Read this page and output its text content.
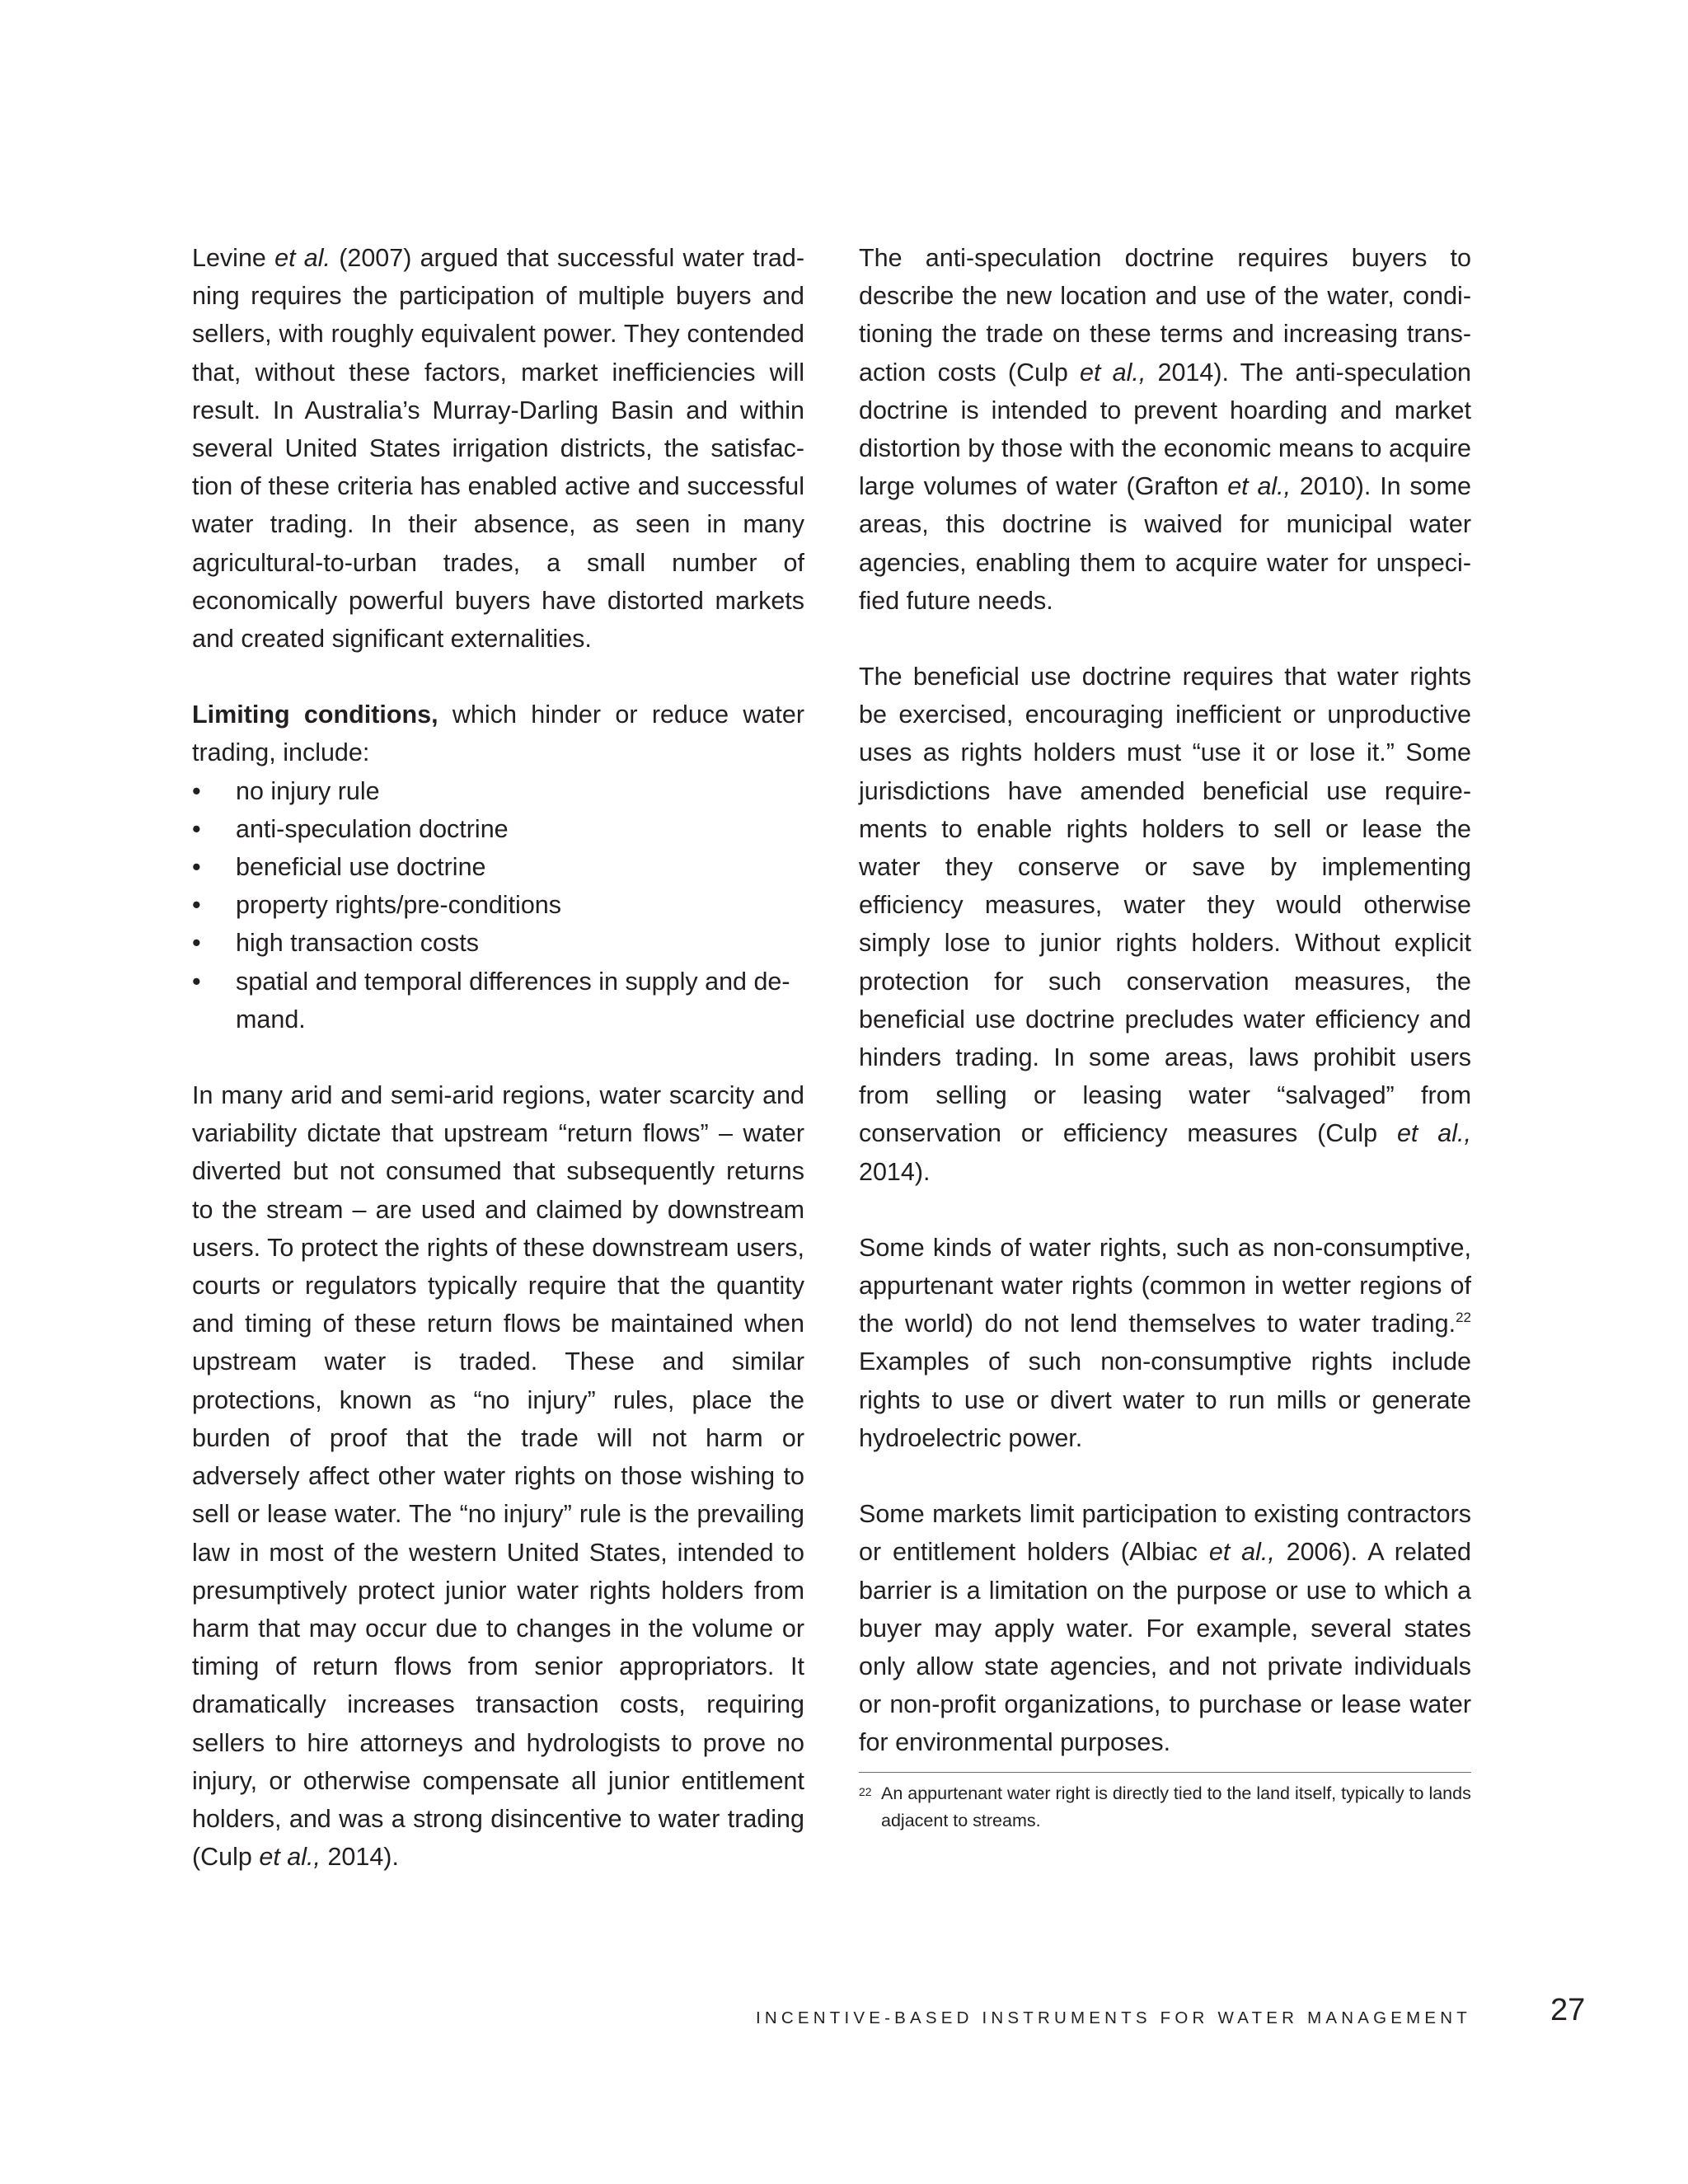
Levine et al. (2007) argued that successful water tradning requires the participation of multiple buyers and sellers, with roughly equivalent power. They contended that, without these factors, market inefficiencies will result. In Australia’s Murray-Darling Basin and within several United States irrigation districts, the satisfaction of these criteria has enabled active and successful water trading. In their absence, as seen in many agricultural-to-urban trades, a small number of economically powerful buyers have distorted markets and created significant externalities.

Limiting conditions, which hinder or reduce water trading, include:

•	no injury rule
•	anti-speculation doctrine
•	beneficial use doctrine
•	property rights/pre-conditions
•	high transaction costs
•	spatial and temporal differences in supply and demand.

In many arid and semi-arid regions, water scarcity and variability dictate that upstream “return flows” – water diverted but not consumed that subsequently returns to the stream – are used and claimed by downstream users. To protect the rights of these downstream users, courts or regulators typically require that the quantity and timing of these return flows be maintained when upstream water is traded. These and similar protections, known as “no injury” rules, place the burden of proof that the trade will not harm or adversely affect other water rights on those wishing to sell or lease water. The “no injury” rule is the prevailing law in most of the western United States, intended to presumptively protect junior water rights holders from harm that may occur due to changes in the volume or timing of return flows from senior appropriators. It dramatically increases transaction costs, requiring sellers to hire attorneys and hydrologists to prove no injury, or otherwise compensate all junior entitlement holders, and was a strong disincentive to water trading (Culp et al., 2014).

The anti-speculation doctrine requires buyers to describe the new location and use of the water, conditioning the trade on these terms and increasing transaction costs (Culp et al., 2014). The anti-speculation doctrine is intended to prevent hoarding and market distortion by those with the economic means to acquire large volumes of water (Grafton et al., 2010). In some areas, this doctrine is waived for municipal water agencies, enabling them to acquire water for unspecified future needs.

The beneficial use doctrine requires that water rights be exercised, encouraging inefficient or unproductive uses as rights holders must “use it or lose it.” Some jurisdictions have amended beneficial use requirements to enable rights holders to sell or lease the water they conserve or save by implementing efficiency measures, water they would otherwise simply lose to junior rights holders. Without explicit protection for such conservation measures, the beneficial use doctrine precludes water efficiency and hinders trading. In some areas, laws prohibit users from selling or leasing water “salvaged” from conservation or efficiency measures (Culp et al., 2014).

Some kinds of water rights, such as non-consumptive, appurtenant water rights (common in wetter regions of the world) do not lend themselves to water trading.$^{22}$ Examples of such non-consumptive rights include rights to use or divert water to run mills or generate hydroelectric power.

Some markets limit participation to existing contractors or entitlement holders (Albiac et al., 2006). A related barrier is a limitation on the purpose or use to which a buyer may apply water. For example, several states only allow state agencies, and not private individuals or non-profit organizations, to purchase or lease water for environmental purposes.

22 An appurtenant water right is directly tied to the land itself, typically to lands adjacent to streams.
INCENTIVE-BASED INSTRUMENTS FOR WATER MANAGEMENT	27
